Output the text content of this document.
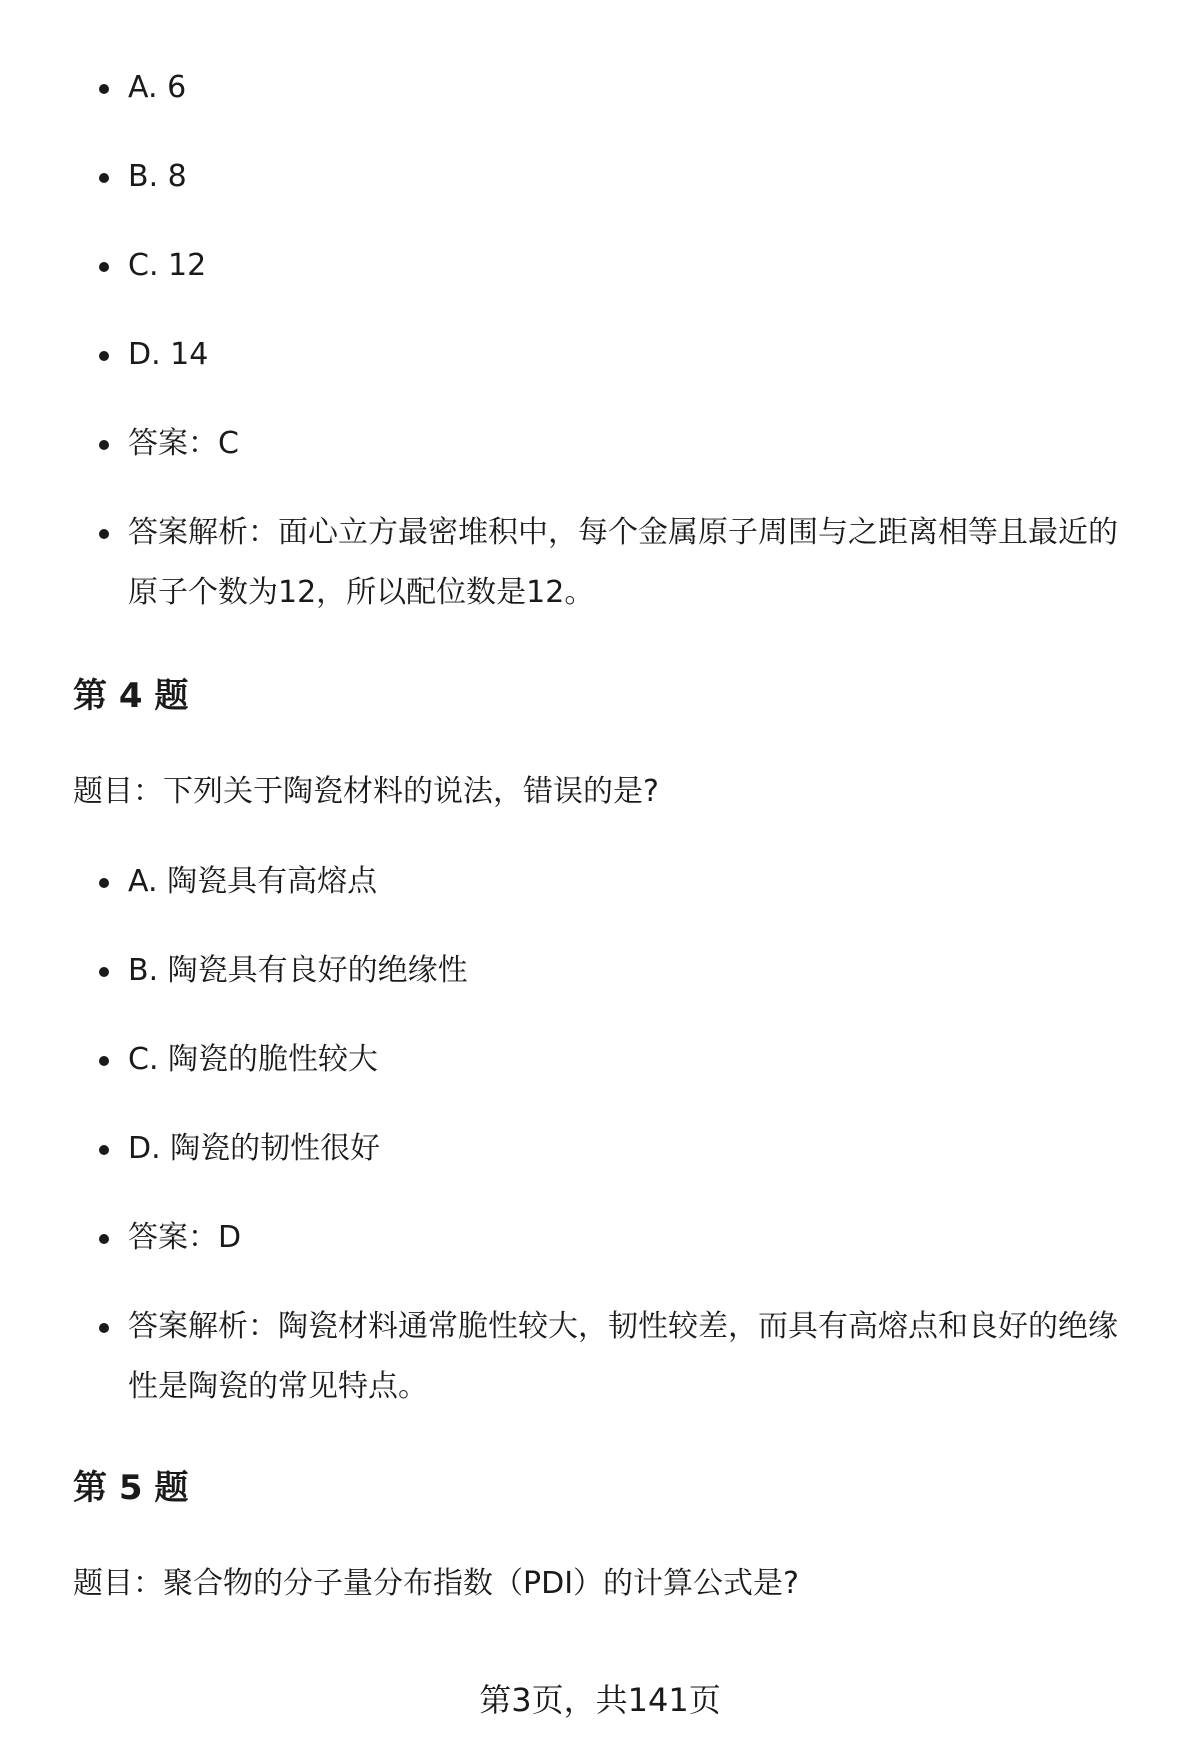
A. 6
B. 8
C. 12
D. 14
答案：C
答案解析：面心立方最密堆积中，每个金属原子周围与之距离相等且最近的原子个数为12，所以配位数是12。
第 4 题

题目：下列关于陶瓷材料的说法，错误的是?

A. 陶瓷具有高熔点
B. 陶瓷具有良好的绝缘性
C. 陶瓷的脆性较大
D. 陶瓷的韧性很好
答案：D
答案解析：陶瓷材料通常脆性较大，韧性较差，而具有高熔点和良好的绝缘性是陶瓷的常见特点。
第 5 题

题目：聚合物的分子量分布指数（PDI）的计算公式是?

第3页，共141页
